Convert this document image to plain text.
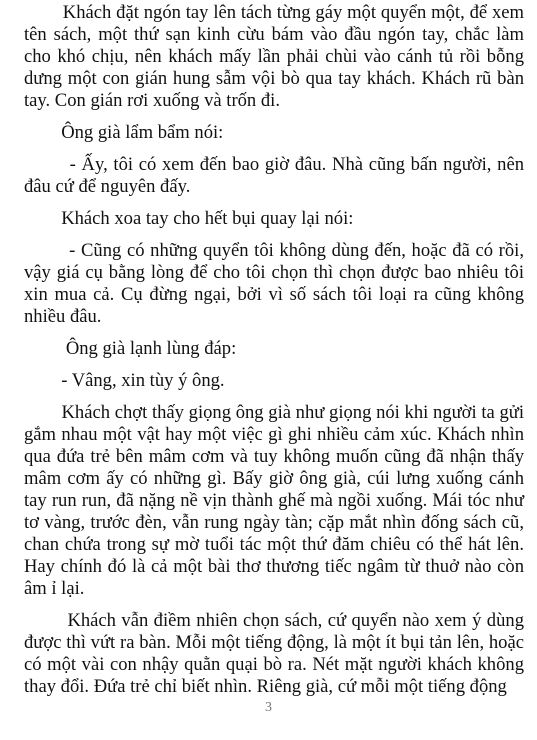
Khách đặt ngón tay lên tách từng gáy một quyển một, để xem
tên sách, một thứ sạn kinh cừu bám vào đầu ngón tay, chắc làm
cho khó chịu, nên khách mấy lần phải chùi vào cánh tủ rồi bỗng
dưng một con gián hung sẫm vội bò qua tay khách. Khách rũ bàn
tay. Con gián rơi xuống và trốn đi.
Ông già lẩm bẩm nói:
- Ấy, tôi có xem đến bao giờ đâu. Nhà cũng bấn người, nên
đâu cứ để nguyên đấy.
Khách xoa tay cho hết bụi quay lại nói:
- Cũng có những quyển tôi không dùng đến, hoặc đã có rồi,
vậy giá cụ bằng lòng để cho tôi chọn thì chọn được bao nhiêu tôi
xin mua cả. Cụ đừng ngại, bởi vì số sách tôi loại ra cũng không
nhiều đâu.
Ông già lạnh lùng đáp:
- Vâng, xin tùy ý ông.
Khách chợt thấy giọng ông già như giọng nói khi người ta gửi
gắm nhau một vật hay một việc gì ghi nhiều cảm xúc. Khách nhìn
qua đứa trẻ bên mâm cơm và tuy không muốn cũng đã nhận thấy
mâm cơm ấy có những gì. Bấy giờ ông già, cúi lưng xuống cánh
tay run run, đã nặng nề vịn thành ghế mà ngồi xuống. Mái tóc như
tơ vàng, trước đèn, vẫn rung ngày tàn; cặp mắt nhìn đống sách cũ,
chan chứa trong sự mờ tuổi tác một thứ đăm chiêu có thể hát lên.
Hay chính đó là cả một bài thơ thương tiếc ngâm từ thuở nào còn
âm ỉ lại.
Khách vẫn điềm nhiên chọn sách, cứ quyển nào xem ý dùng
được thì vứt ra bàn. Mỗi một tiếng động, là một ít bụi tản lên, hoặc
có một vài con nhậy quằn quại bò ra. Nét mặt người khách không
thay đổi. Đứa trẻ chỉ biết nhìn. Riêng già, cứ mỗi một tiếng động
3
